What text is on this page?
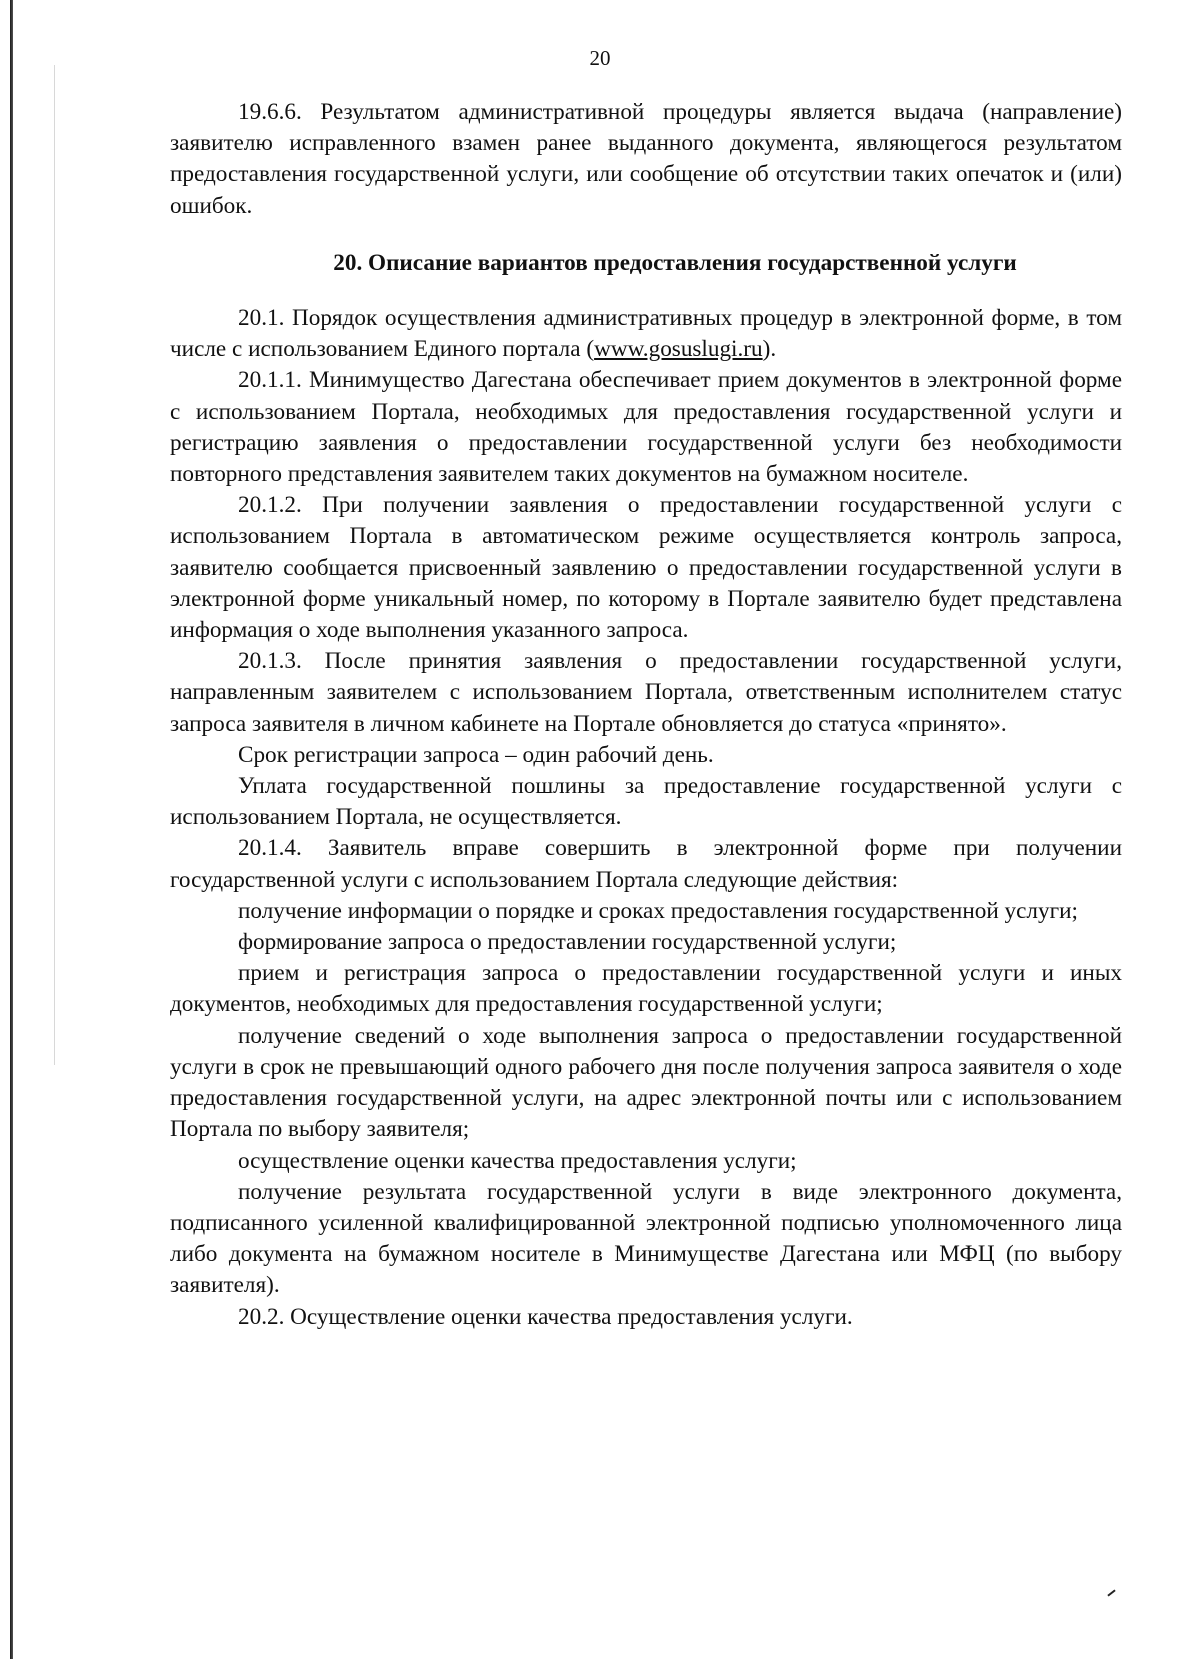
20

19.6.6. Результатом административной процедуры является выдача (направление) заявителю исправленного взамен ранее выданного документа, являющегося результатом предоставления государственной услуги, или сообщение об отсутствии таких опечаток и (или) ошибок.

20. Описание вариантов предоставления государственной услуги

20.1. Порядок осуществления административных процедур в электронной форме, в том числе с использованием Единого портала (www.gosuslugi.ru).

20.1.1. Минимущество Дагестана обеспечивает прием документов в электронной форме с использованием Портала, необходимых для предоставления государственной услуги и регистрацию заявления о предоставлении государственной услуги без необходимости повторного представления заявителем таких документов на бумажном носителе.

20.1.2. При получении заявления о предоставлении государственной услуги с использованием Портала в автоматическом режиме осуществляется контроль запроса, заявителю сообщается присвоенный заявлению о предоставлении государственной услуги в электронной форме уникальный номер, по которому в Портале заявителю будет представлена информация о ходе выполнения указанного запроса.

20.1.3. После принятия заявления о предоставлении государственной услуги, направленным заявителем с использованием Портала, ответственным исполнителем статус запроса заявителя в личном кабинете на Портале обновляется до статуса «принято».

Срок регистрации запроса – один рабочий день.

Уплата государственной пошлины за предоставление государственной услуги с использованием Портала, не осуществляется.

20.1.4. Заявитель вправе совершить в электронной форме при получении государственной услуги с использованием Портала следующие действия:

получение информации о порядке и сроках предоставления государственной услуги;

формирование запроса о предоставлении государственной услуги;

прием и регистрация запроса о предоставлении государственной услуги и иных документов, необходимых для предоставления государственной услуги;

получение сведений о ходе выполнения запроса о предоставлении государственной услуги в срок не превышающий одного рабочего дня после получения запроса заявителя о ходе предоставления государственной услуги, на адрес электронной почты или с использованием Портала по выбору заявителя;

осуществление оценки качества предоставления услуги;

получение результата государственной услуги в виде электронного документа, подписанного усиленной квалифицированной электронной подписью уполномоченного лица либо документа на бумажном носителе в Минимуществе Дагестана или МФЦ (по выбору заявителя).

20.2. Осуществление оценки качества предоставления услуги.
